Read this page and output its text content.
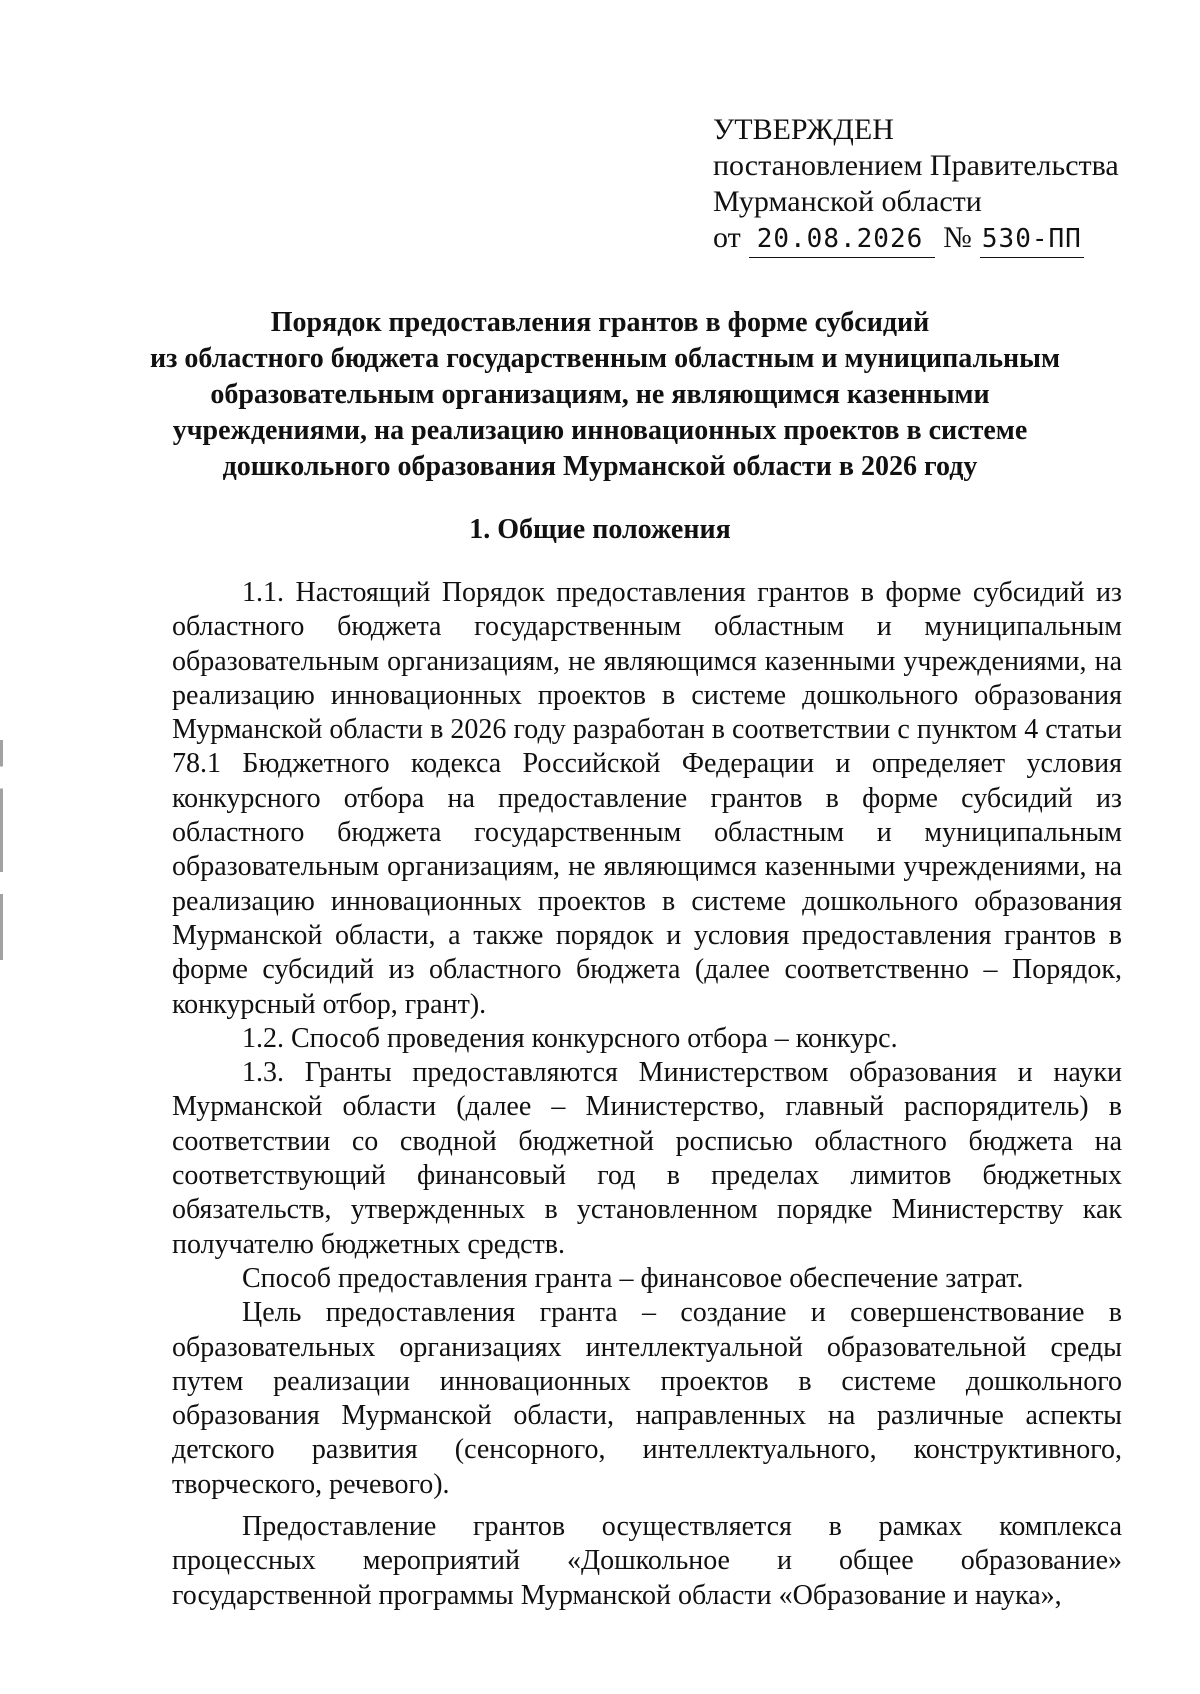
УТВЕРЖДЕН
постановлением Правительства
Мурманской области
от 20.08.2026 № 530-ПП
Порядок предоставления грантов в форме субсидий
из областного бюджета государственным областным и муниципальным
образовательным организациям, не являющимся казенными
учреждениями, на реализацию инновационных проектов в системе
дошкольного образования Мурманской области в 2026 году
1. Общие положения

1.1. Настоящий Порядок предоставления грантов в форме субсидий из областного бюджета государственным областным и муниципальным образовательным организациям, не являющимся казенными учреждениями, на реализацию инновационных проектов в системе дошкольного образования Мурманской области в 2026 году разработан в соответствии с пунктом 4 статьи 78.1 Бюджетного кодекса Российской Федерации и определяет условия конкурсного отбора на предоставление грантов в форме субсидий из областного бюджета государственным областным и муниципальным образовательным организациям, не являющимся казенными учреждениями, на реализацию инновационных проектов в системе дошкольного образования Мурманской области, а также порядок и условия предоставления грантов в форме субсидий из областного бюджета (далее соответственно – Порядок, конкурсный отбор, грант).

1.2. Способ проведения конкурсного отбора – конкурс.

1.3. Гранты предоставляются Министерством образования и науки Мурманской области (далее – Министерство, главный распорядитель) в соответствии со сводной бюджетной росписью областного бюджета на соответствующий финансовый год в пределах лимитов бюджетных обязательств, утвержденных в установленном порядке Министерству как получателю бюджетных средств.

Способ предоставления гранта – финансовое обеспечение затрат.

Цель предоставления гранта – создание и совершенствование в образовательных организациях интеллектуальной образовательной среды путем реализации инновационных проектов в системе дошкольного образования Мурманской области, направленных на различные аспекты детского развития (сенсорного, интеллектуального, конструктивного, творческого, речевого).

Предоставление грантов осуществляется в рамках комплекса процессных мероприятий «Дошкольное и общее образование» государственной программы Мурманской области «Образование и наука»,
